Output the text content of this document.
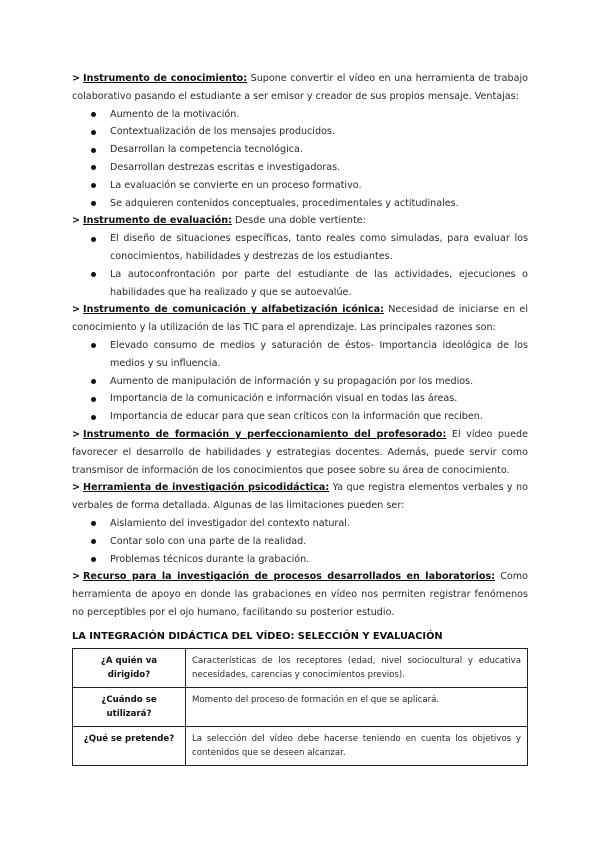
> Instrumento de conocimiento: Supone convertir el vídeo en una herramienta de trabajo colaborativo pasando el estudiante a ser emisor y creador de sus propios mensaje. Ventajas:

Aumento de la motivación.
Contextualización de los mensajes producidos.
Desarrollan la competencia tecnológica.
Desarrollan destrezas escritas e investigadoras.
La evaluación se convierte en un proceso formativo.
Se adquieren contenidos conceptuales, procedimentales y actitudinales.

> Instrumento de evaluación: Desde una doble vertiente:

El diseño de situaciones específicas, tanto reales como simuladas, para evaluar los conocimientos, habilidades y destrezas de los estudiantes.
La autoconfrontación por parte del estudiante de las actividades, ejecuciones o habilidades que ha realizado y que se autoevalúe.

> Instrumento de comunicación y alfabetización icónica: Necesidad de iniciarse en el conocimiento y la utilización de las TIC para el aprendizaje. Las principales razones son:

Elevado consumo de medios y saturación de éstos- Importancia ideológica de los medios y su influencia.
Aumento de manipulación de información y su propagación por los medios.
Importancia de la comunicación e información visual en todas las áreas.
Importancia de educar para que sean críticos con la información que reciben.

> Instrumento de formación y perfeccionamiento del profesorado: El vídeo puede favorecer el desarrollo de habilidades y estrategias docentes. Además, puede servir como transmisor de información de los conocimientos que posee sobre su área de conocimiento.

> Herramienta de investigación psicodidáctica: Ya que registra elementos verbales y no verbales de forma detallada. Algunas de las limitaciones pueden ser:

Aislamiento del investigador del contexto natural.
Contar solo con una parte de la realidad.
Problemas técnicos durante la grabación.

> Recurso para la investigación de procesos desarrollados en laboratorios: Como herramienta de apoyo en donde las grabaciones en vídeo nos permiten registrar fenómenos no perceptibles por el ojo humano, facilitando su posterior estudio.

LA INTEGRACIÓN DIDÁCTICA DEL VÍDEO: SELECCIÓN Y EVALUACIÓN
¿A quién va dirigido?	Características de los receptores (edad, nivel sociocultural y educativa necesidades, carencias y conocimientos previos).
¿Cuándo se utilizará?	Momento del proceso de formación en el que se aplicará.
¿Qué se pretende?	La selección del vídeo debe hacerse teniendo en cuenta los objetivos y contenidos que se deseen alcanzar.
